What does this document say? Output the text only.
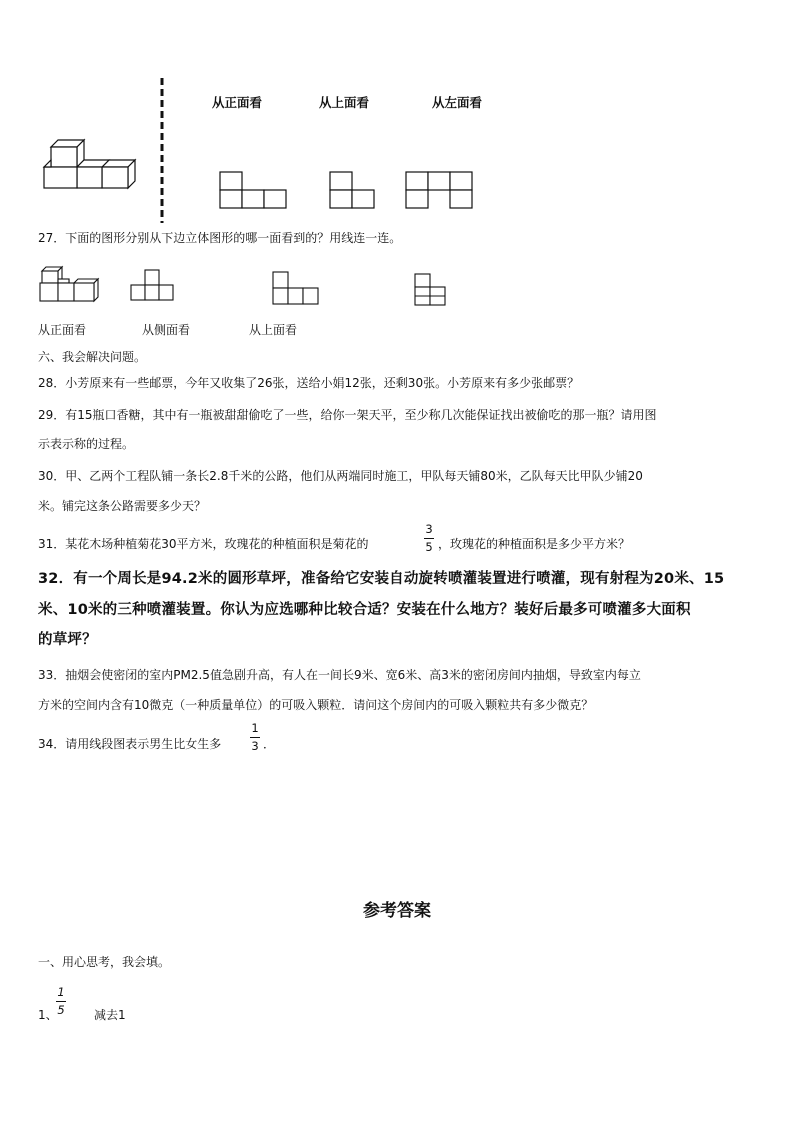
从正面看	从上面看	从左面看
27．下面的图形分别从下边立体图形的哪一面看到的？用线连一连。
从正面看	从侧面看	从上面看
六、我会解决问题。
28．小芳原来有一些邮票，今年又收集了26张，送给小娟12张，还剩30张。小芳原来有多少张邮票？
29．有15瓶口香糖，其中有一瓶被甜甜偷吃了一些，给你一架天平，至少称几次能保证找出被偷吃的那一瓶？请用图
示表示称的过程。
30．甲、乙两个工程队铺一条长2.8千米的公路，他们从两端同时施工，甲队每天铺80米，乙队每天比甲队少铺20
米。铺完这条公路需要多少天？
31．某花木场种植菊花30平方米，玫瑰花的种植面积是菊花的
3
5 ，玫瑰花的种植面积是多少平方米？
32．有一个周长是94.2米的圆形草坪，准备给它安装自动旋转喷灌装置进行喷灌，现有射程为20米、15
米、10米的三种喷灌装置。你认为应选哪种比较合适？安装在什么地方？装好后最多可喷灌多大面积
的草坪？
33．抽烟会使密闭的室内PM2.5值急剧升高，有人在一间长9米、宽6米、高3米的密闭房间内抽烟，导致室内每立
方米的空间内含有10微克（一种质量单位）的可吸入颗粒．请问这个房间内的可吸入颗粒共有多少微克？
34．请用线段图表示男生比女生多
1
3 ．
参考答案
一、用心思考，我会填。
1、
1
5 减去1
